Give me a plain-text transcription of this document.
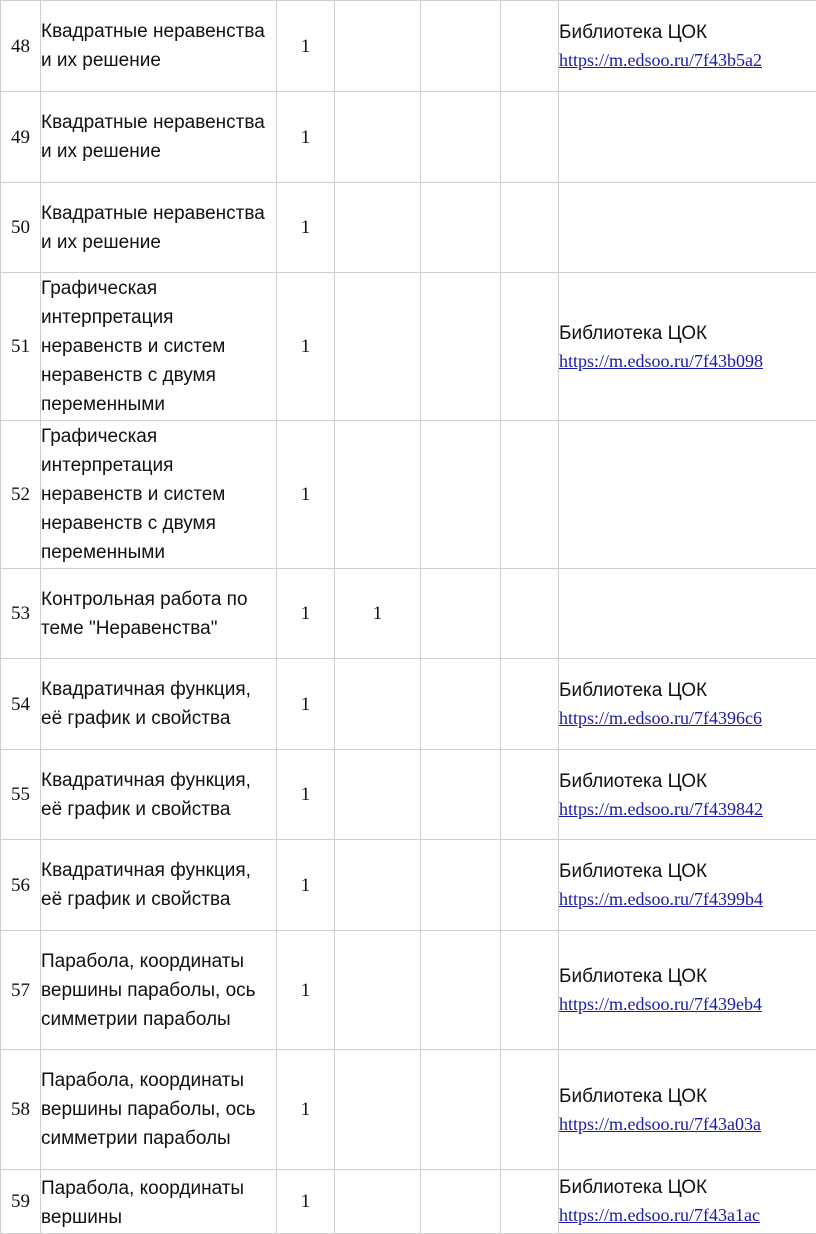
48	Квадратные неравенства и их решение	1				Библиотека ЦОК
https://m.edsoo.ru/7f43b5a2

49	Квадратные неравенства и их решение	1				
50	Квадратные неравенства и их решение	1				
51	Графическая интерпретация неравенств и систем неравенств с двумя переменными	1				Библиотека ЦОК
https://m.edsoo.ru/7f43b098

52	Графическая интерпретация неравенств и систем неравенств с двумя переменными	1				
53	Контрольная работа по теме "Неравенства"	1	1			
54	Квадратичная функция, её график и свойства	1				Библиотека ЦОК
https://m.edsoo.ru/7f4396c6

55	Квадратичная функция, её график и свойства	1				Библиотека ЦОК
https://m.edsoo.ru/7f439842

56	Квадратичная функция, её график и свойства	1				Библиотека ЦОК
https://m.edsoo.ru/7f4399b4

57	Парабола, координаты вершины параболы, ось симметрии параболы	1				Библиотека ЦОК
https://m.edsoo.ru/7f439eb4

58	Парабола, координаты вершины параболы, ось симметрии параболы	1				Библиотека ЦОК
https://m.edsoo.ru/7f43a03a

59	Парабола, координаты вершины	1				Библиотека ЦОК
https://m.edsoo.ru/7f43a1ac
